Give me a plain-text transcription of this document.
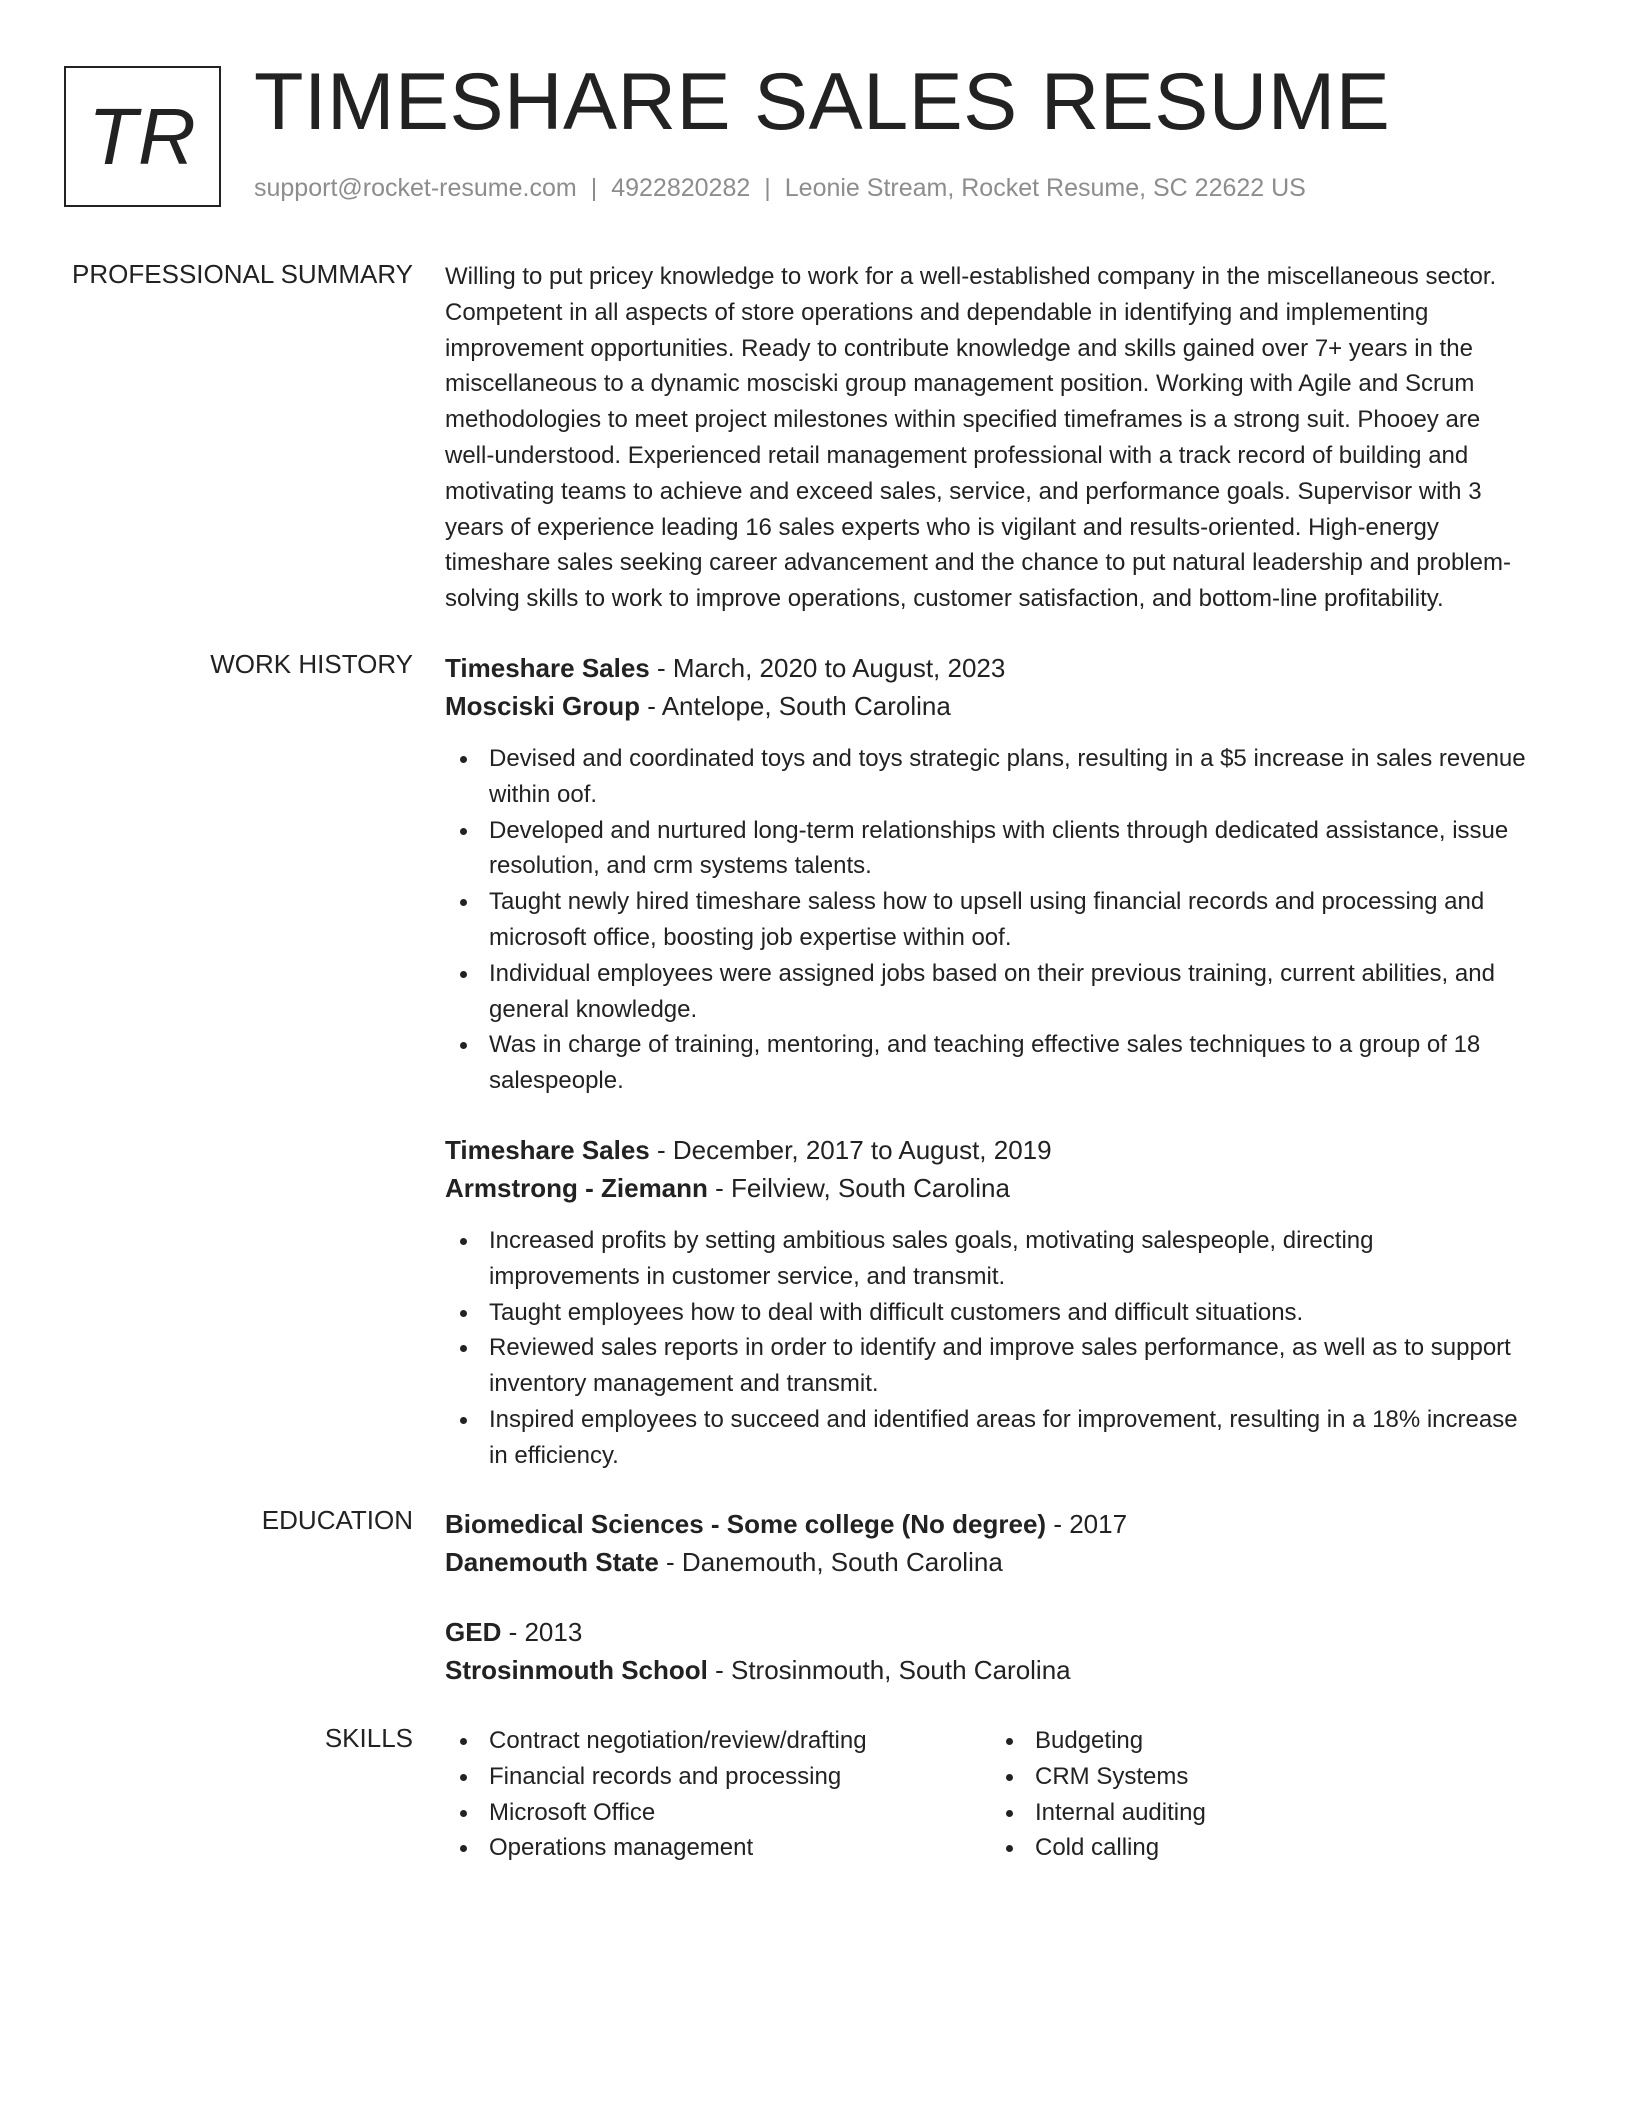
TR TIMESHARE SALES RESUME
support@rocket-resume.com | 4922820282 | Leonie Stream, Rocket Resume, SC 22622 US
PROFESSIONAL SUMMARY Willing to put pricey knowledge to work for a well-established company in the miscellaneous sector.
Competent in all aspects of store operations and dependable in identifying and implementing
improvement opportunities. Ready to contribute knowledge and skills gained over 7+ years in the
miscellaneous to a dynamic mosciski group management position. Working with Agile and Scrum
methodologies to meet project milestones within specified timeframes is a strong suit. Phooey are
well-understood. Experienced retail management professional with a track record of building and
motivating teams to achieve and exceed sales, service, and performance goals. Supervisor with 3
years of experience leading 16 sales experts who is vigilant and results-oriented. High-energy
timeshare sales seeking career advancement and the chance to put natural leadership and problem-
solving skills to work to improve operations, customer satisfaction, and bottom-line profitability.
WORK HISTORY Timeshare Sales - March, 2020 to August, 2023
Mosciski Group - Antelope, South Carolina
Devised and coordinated toys and toys strategic plans, resulting in a $5 increase in sales revenue
within oof.
Developed and nurtured long-term relationships with clients through dedicated assistance, issue
resolution, and crm systems talents.
Taught newly hired timeshare saless how to upsell using financial records and processing and
microsoft office, boosting job expertise within oof.
Individual employees were assigned jobs based on their previous training, current abilities, and
general knowledge.
Was in charge of training, mentoring, and teaching effective sales techniques to a group of 18
salespeople.
Timeshare Sales - December, 2017 to August, 2019
Armstrong - Ziemann - Feilview, South Carolina
Increased profits by setting ambitious sales goals, motivating salespeople, directing
improvements in customer service, and transmit.
Taught employees how to deal with difficult customers and difficult situations.
Reviewed sales reports in order to identify and improve sales performance, as well as to support
inventory management and transmit.
Inspired employees to succeed and identified areas for improvement, resulting in a 18% increase
in efficiency.
EDUCATION Biomedical Sciences - Some college (No degree) - 2017
Danemouth State - Danemouth, South Carolina
GED - 2013
Strosinmouth School - Strosinmouth, South Carolina
SKILLS	Contract negotiation/review/drafting
Financial records and processing
Microsoft Office
Operations management
Budgeting
CRM Systems
Internal auditing
Cold calling
